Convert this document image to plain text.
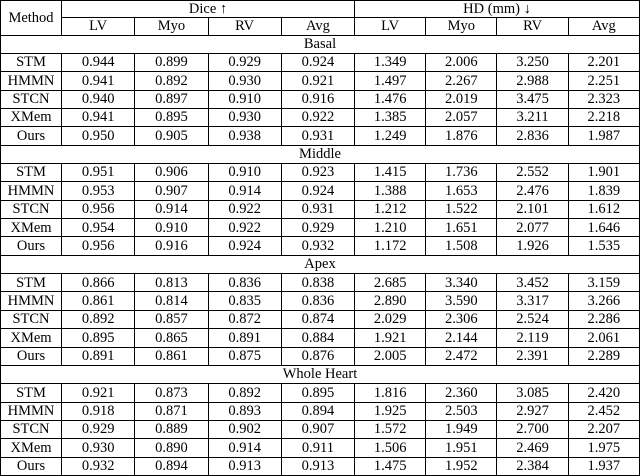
Method	Dice ↑				HD (mm) ↓			
	LV	Myo	RV	Avg	LV	Myo	RV	Avg
Basal								
STM	0.944	0.899	0.929	0.924	1.349	2.006	3.250	2.201
HMMN	0.941	0.892	0.930	0.921	1.497	2.267	2.988	2.251
STCN	0.940	0.897	0.910	0.916	1.476	2.019	3.475	2.323
XMem	0.941	0.895	0.930	0.922	1.385	2.057	3.211	2.218
Ours	0.950	0.905	0.938	0.931	1.249	1.876	2.836	1.987
Middle								
STM	0.951	0.906	0.910	0.923	1.415	1.736	2.552	1.901
HMMN	0.953	0.907	0.914	0.924	1.388	1.653	2.476	1.839
STCN	0.956	0.914	0.922	0.931	1.212	1.522	2.101	1.612
XMem	0.954	0.910	0.922	0.929	1.210	1.651	2.077	1.646
Ours	0.956	0.916	0.924	0.932	1.172	1.508	1.926	1.535
Apex								
STM	0.866	0.813	0.836	0.838	2.685	3.340	3.452	3.159
HMMN	0.861	0.814	0.835	0.836	2.890	3.590	3.317	3.266
STCN	0.892	0.857	0.872	0.874	2.029	2.306	2.524	2.286
XMem	0.895	0.865	0.891	0.884	1.921	2.144	2.119	2.061
Ours	0.891	0.861	0.875	0.876	2.005	2.472	2.391	2.289
Whole Heart								
STM	0.921	0.873	0.892	0.895	1.816	2.360	3.085	2.420
HMMN	0.918	0.871	0.893	0.894	1.925	2.503	2.927	2.452
STCN	0.929	0.889	0.902	0.907	1.572	1.949	2.700	2.207
XMem	0.930	0.890	0.914	0.911	1.506	1.951	2.469	1.975
Ours	0.932	0.894	0.913	0.913	1.475	1.952	2.384	1.937
